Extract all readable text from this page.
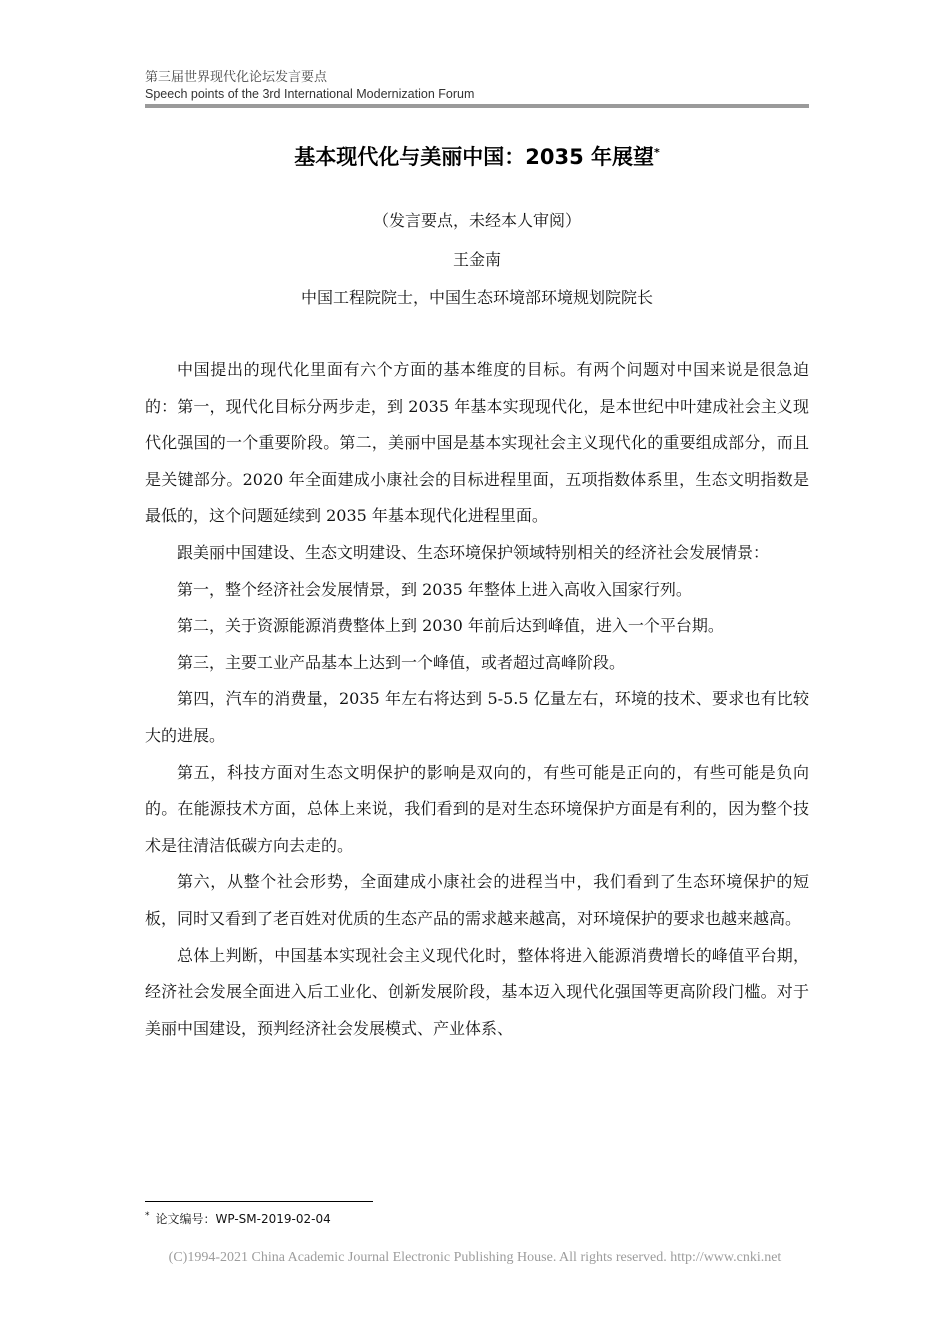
第三届世界现代化论坛发言要点
Speech points of the 3rd International Modernization Forum
基本现代化与美丽中国：2035 年展望*
（发言要点，未经本人审阅）
王金南
中国工程院院士，中国生态环境部环境规划院院长

中国提出的现代化里面有六个方面的基本维度的目标。有两个问题对中国来说是很急迫的：第一，现代化目标分两步走，到 2035 年基本实现现代化，是本世纪中叶建成社会主义现代化强国的一个重要阶段。第二，美丽中国是基本实现社会主义现代化的重要组成部分，而且是关键部分。2020 年全面建成小康社会的目标进程里面，五项指数体系里，生态文明指数是最低的，这个问题延续到 2035 年基本现代化进程里面。

跟美丽中国建设、生态文明建设、生态环境保护领域特别相关的经济社会发展情景：

第一，整个经济社会发展情景，到 2035 年整体上进入高收入国家行列。

第二，关于资源能源消费整体上到 2030 年前后达到峰值，进入一个平台期。

第三，主要工业产品基本上达到一个峰值，或者超过高峰阶段。

第四，汽车的消费量，2035 年左右将达到 5-5.5 亿量左右，环境的技术、要求也有比较大的进展。

第五，科技方面对生态文明保护的影响是双向的，有些可能是正向的，有些可能是负向的。在能源技术方面，总体上来说，我们看到的是对生态环境保护方面是有利的，因为整个技术是往清洁低碳方向去走的。

第六，从整个社会形势，全面建成小康社会的进程当中，我们看到了生态环境保护的短板，同时又看到了老百姓对优质的生态产品的需求越来越高，对环境保护的要求也越来越高。

总体上判断，中国基本实现社会主义现代化时，整体将进入能源消费增长的峰值平台期，经济社会发展全面进入后工业化、创新发展阶段，基本迈入现代化强国等更高阶段门槛。对于美丽中国建设，预判经济社会发展模式、产业体系、

* 论文编号：WP-SM-2019-02-04
(C)1994-2021 China Academic Journal Electronic Publishing House. All rights reserved. http://www.cnki.net
